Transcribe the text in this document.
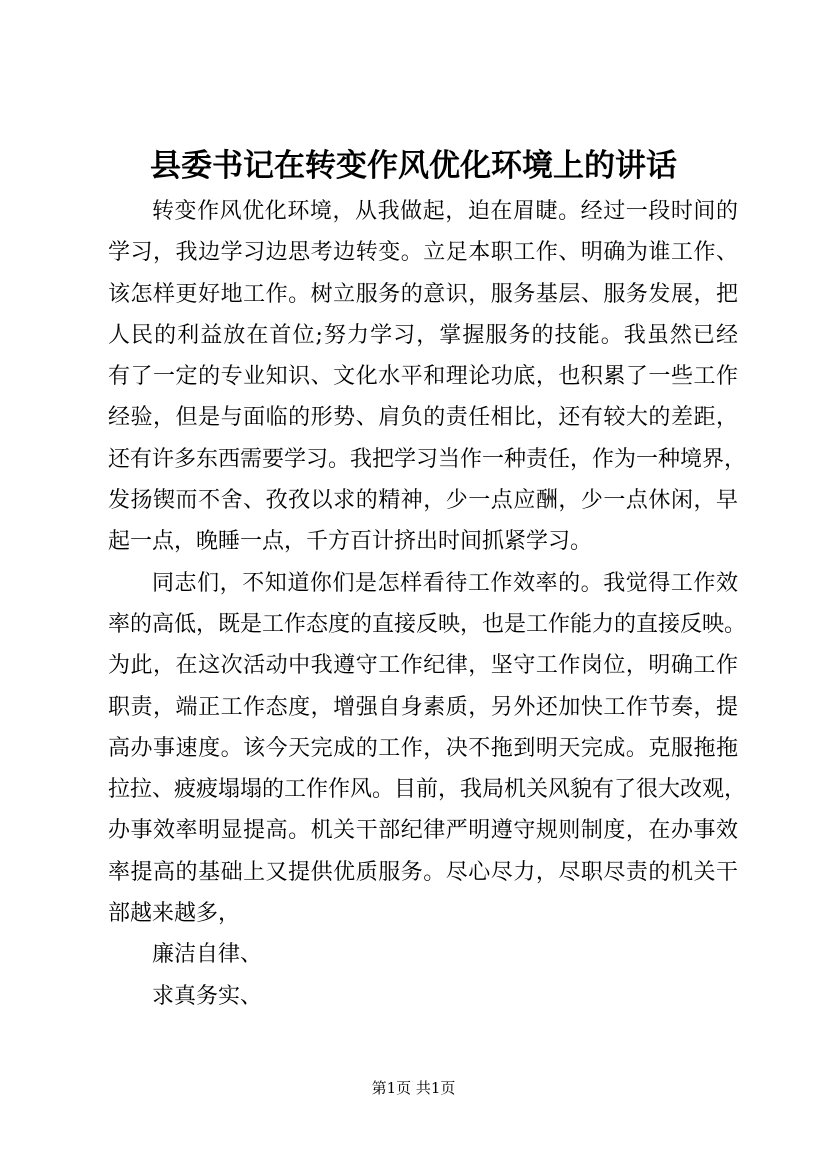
县委书记在转变作风优化环境上的讲话
转变作风优化环境，从我做起，迫在眉睫。经过一段时间的
学习，我边学习边思考边转变。立足本职工作、明确为谁工作、
该怎样更好地工作。树立服务的意识，服务基层、服务发展，把
人民的利益放在首位;努力学习，掌握服务的技能。我虽然已经
有了一定的专业知识、文化水平和理论功底，也积累了一些工作
经验，但是与面临的形势、肩负的责任相比，还有较大的差距，
还有许多东西需要学习。我把学习当作一种责任，作为一种境界，
发扬锲而不舍、孜孜以求的精神，少一点应酬，少一点休闲，早
起一点，晚睡一点，千方百计挤出时间抓紧学习。
同志们，不知道你们是怎样看待工作效率的。我觉得工作效
率的高低，既是工作态度的直接反映，也是工作能力的直接反映。
为此，在这次活动中我遵守工作纪律，坚守工作岗位，明确工作
职责，端正工作态度，增强自身素质，另外还加快工作节奏，提
高办事速度。该今天完成的工作，决不拖到明天完成。克服拖拖
拉拉、疲疲塌塌的工作作风。目前，我局机关风貌有了很大改观，
办事效率明显提高。机关干部纪律严明遵守规则制度，在办事效
率提高的基础上又提供优质服务。尽心尽力，尽职尽责的机关干
部越来越多，
廉洁自律、
求真务实、
第1页 共1页
